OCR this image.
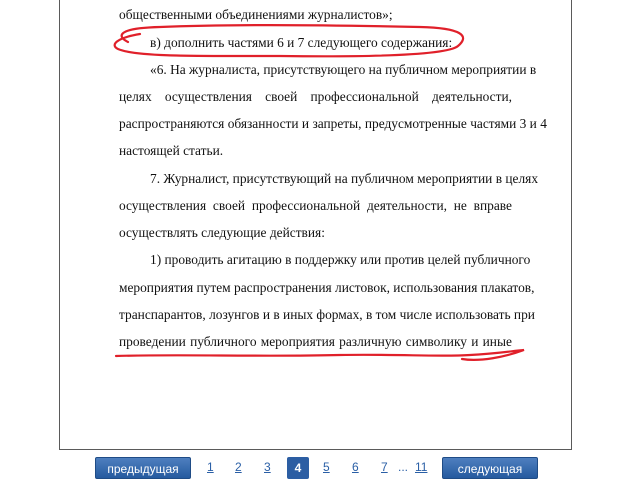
общественными объединениями журналистов»;
в) дополнить частями 6 и 7 следующего содержания:
«6. На журналиста, присутствующего на публичном мероприятии в
целях осуществления своей профессиональной деятельности,
распространяются обязанности и запреты, предусмотренные частями 3 и 4
настоящей статьи.
7. Журналист, присутствующий на публичном мероприятии в целях
осуществления своей профессиональной деятельности, не вправе
осуществлять следующие действия:
1) проводить агитацию в поддержку или против целей публичного
мероприятия путем распространения листовок, использования плакатов,
транспарантов, лозунгов и в иных формах, в том числе использовать при
проведении публичного мероприятия различную символику и иные
предыдущая	1 2 3	4	5 6 7 ... 11	следующая
